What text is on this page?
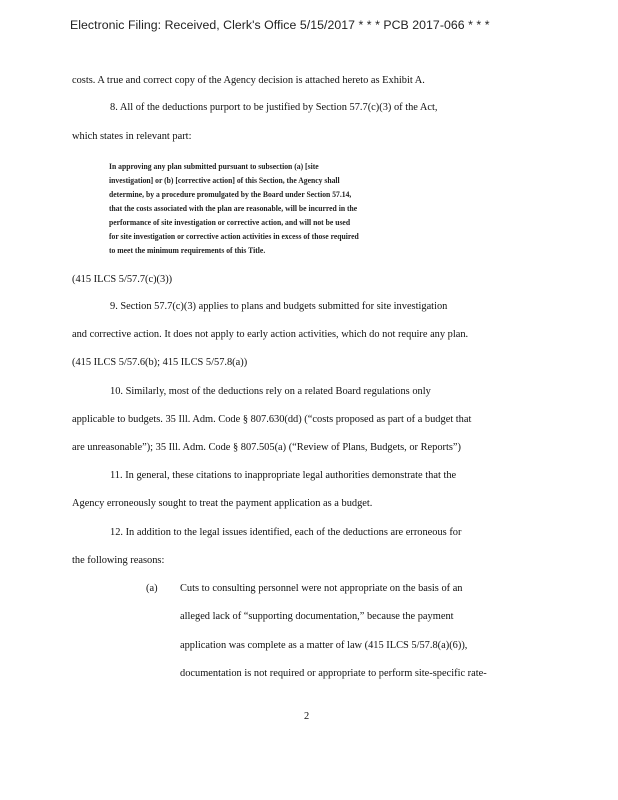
Electronic Filing: Received, Clerk's Office 5/15/2017 * * * PCB 2017-066 * * *
costs. A true and correct copy of the Agency decision is attached hereto as Exhibit A.
8. All of the deductions purport to be justified by Section 57.7(c)(3) of the Act,
which states in relevant part:
In approving any plan submitted pursuant to subsection (a) [site
investigation] or (b) [corrective action] of this Section, the Agency shall
determine, by a procedure promulgated by the Board under Section 57.14,
that the costs associated with the plan are reasonable, will be incurred in the
performance of site investigation or corrective action, and will not be used
for site investigation or corrective action activities in excess of those required
to meet the minimum requirements of this Title.
(415 ILCS 5/57.7(c)(3))
9. Section 57.7(c)(3) applies to plans and budgets submitted for site investigation
and corrective action. It does not apply to early action activities, which do not require any plan.
(415 ILCS 5/57.6(b); 415 ILCS 5/57.8(a))
10. Similarly, most of the deductions rely on a related Board regulations only
applicable to budgets. 35 Ill. Adm. Code § 807.630(dd) (“costs proposed as part of a budget that
are unreasonable”); 35 Ill. Adm. Code § 807.505(a) (“Review of Plans, Budgets, or Reports”)
11. In general, these citations to inappropriate legal authorities demonstrate that the
Agency erroneously sought to treat the payment application as a budget.
12. In addition to the legal issues identified, each of the deductions are erroneous for
the following reasons:
(a) Cuts to consulting personnel were not appropriate on the basis of an
alleged lack of “supporting documentation,” because the payment
application was complete as a matter of law (415 ILCS 5/57.8(a)(6)),
documentation is not required or appropriate to perform site-specific rate-
2
